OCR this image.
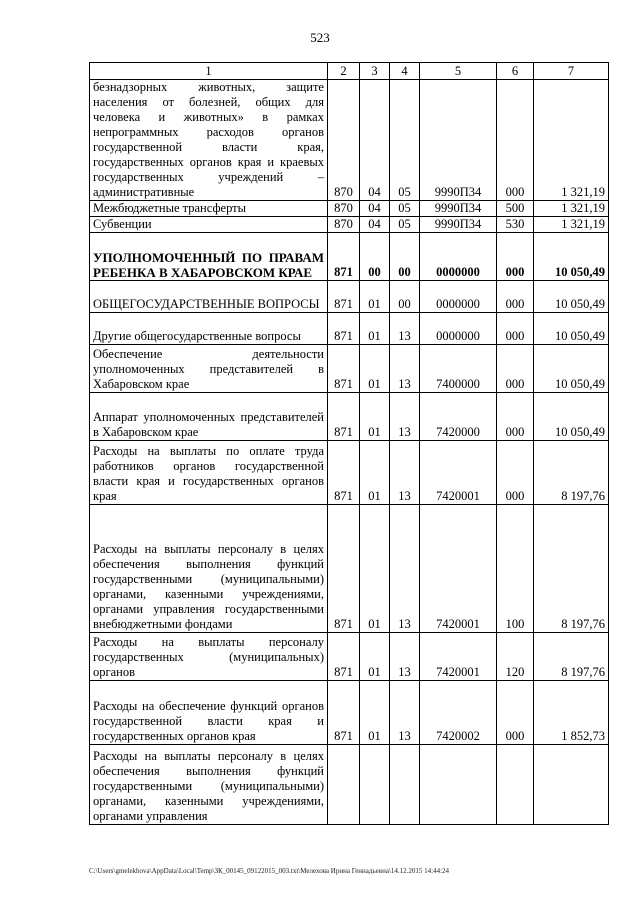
523
1	2	3	4	5	6	7
безнадзорных животных, защите населения от болезней, общих для человека и животных» в рамках непрограммных расходов органов государственной власти края, государственных органов края и краевых государственных учреждений – административные	870	04	05	9990П34	000	1 321,19
Межбюджетные трансферты	870	04	05	9990П34	500	1 321,19
Субвенции	870	04	05	9990П34	530	1 321,19
УПОЛНОМОЧЕННЫЙ ПО ПРАВАМ РЕБЕНКА В ХАБАРОВСКОМ КРАЕ	871	00	00	0000000	000	10 050,49
ОБЩЕГОСУДАРСТВЕННЫЕ ВОПРОСЫ	871	01	00	0000000	000	10 050,49
Другие общегосударственные вопросы	871	01	13	0000000	000	10 050,49
Обеспечение деятельности уполномоченных представителей в Хабаровском крае	871	01	13	7400000	000	10 050,49
Аппарат уполномоченных представителей в Хабаровском крае	871	01	13	7420000	000	10 050,49
Расходы на выплаты по оплате труда работников органов государственной власти края и государственных органов края	871	01	13	7420001	000	8 197,76
Расходы на выплаты персоналу в целях обеспечения выполнения функций государственными (муниципальными) органами, казенными учреждениями, органами управления государственными внебюджетными фондами	871	01	13	7420001	100	8 197,76
Расходы на выплаты персоналу государственных (муниципальных) органов	871	01	13	7420001	120	8 197,76
Расходы на обеспечение функций органов государственной власти края и государственных органов края	871	01	13	7420002	000	1 852,73
Расходы на выплаты персоналу в целях обеспечения выполнения функций государственными (муниципальными) органами, казенными учреждениями, органами управления						
C:\Users\gmelekhova\AppData\Local\Temp\ЗК_00145_09122015_003.txt\Мелехова Ирина Геннадьевна\14.12.2015 14:44:24
